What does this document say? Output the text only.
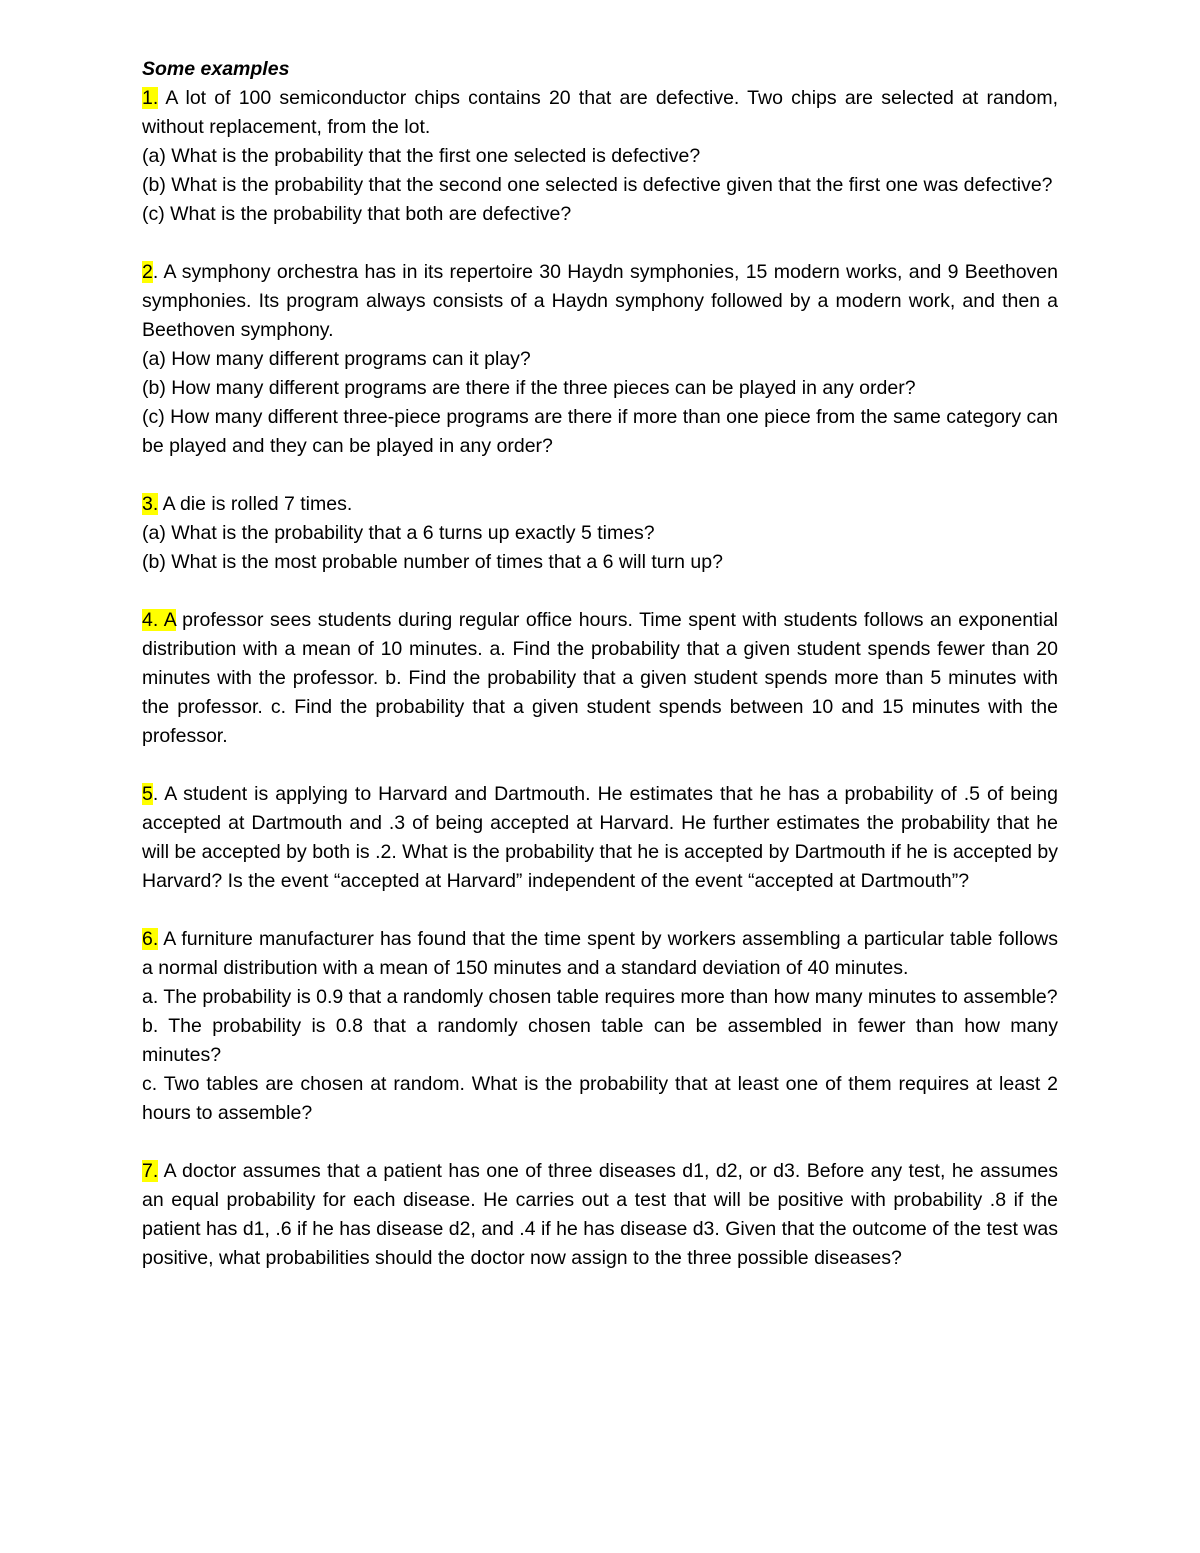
Some examples

1. A lot of 100 semiconductor chips contains 20 that are defective. Two chips are selected at random, without replacement, from the lot.

(a) What is the probability that the first one selected is defective?

(b) What is the probability that the second one selected is defective given that the first one was defective?

(c) What is the probability that both are defective?

2. A symphony orchestra has in its repertoire 30 Haydn symphonies, 15 modern works, and 9 Beethoven symphonies. Its program always consists of a Haydn symphony followed by a modern work, and then a Beethoven symphony.

(a) How many different programs can it play?

(b) How many different programs are there if the three pieces can be played in any order?

(c) How many different three-piece programs are there if more than one piece from the same category can be played and they can be played in any order?

3. A die is rolled 7 times.

(a) What is the probability that a 6 turns up exactly 5 times?

(b) What is the most probable number of times that a 6 will turn up?

4. A professor sees students during regular office hours. Time spent with students follows an exponential distribution with a mean of 10 minutes. a. Find the probability that a given student spends fewer than 20 minutes with the professor. b. Find the probability that a given student spends more than 5 minutes with the professor. c. Find the probability that a given student spends between 10 and 15 minutes with the professor.

5. A student is applying to Harvard and Dartmouth. He estimates that he has a probability of .5 of being accepted at Dartmouth and .3 of being accepted at Harvard. He further estimates the probability that he will be accepted by both is .2. What is the probability that he is accepted by Dartmouth if he is accepted by Harvard? Is the event “accepted at Harvard” independent of the event “accepted at Dartmouth”?

6. A furniture manufacturer has found that the time spent by workers assembling a particular table follows a normal distribution with a mean of 150 minutes and a standard deviation of 40 minutes.

a. The probability is 0.9 that a randomly chosen table requires more than how many minutes to assemble?

b. The probability is 0.8 that a randomly chosen table can be assembled in fewer than how many minutes?

c. Two tables are chosen at random. What is the probability that at least one of them requires at least 2 hours to assemble?

7. A doctor assumes that a patient has one of three diseases d1, d2, or d3. Before any test, he assumes an equal probability for each disease. He carries out a test that will be positive with probability .8 if the patient has d1, .6 if he has disease d2, and .4 if he has disease d3. Given that the outcome of the test was positive, what probabilities should the doctor now assign to the three possible diseases?
